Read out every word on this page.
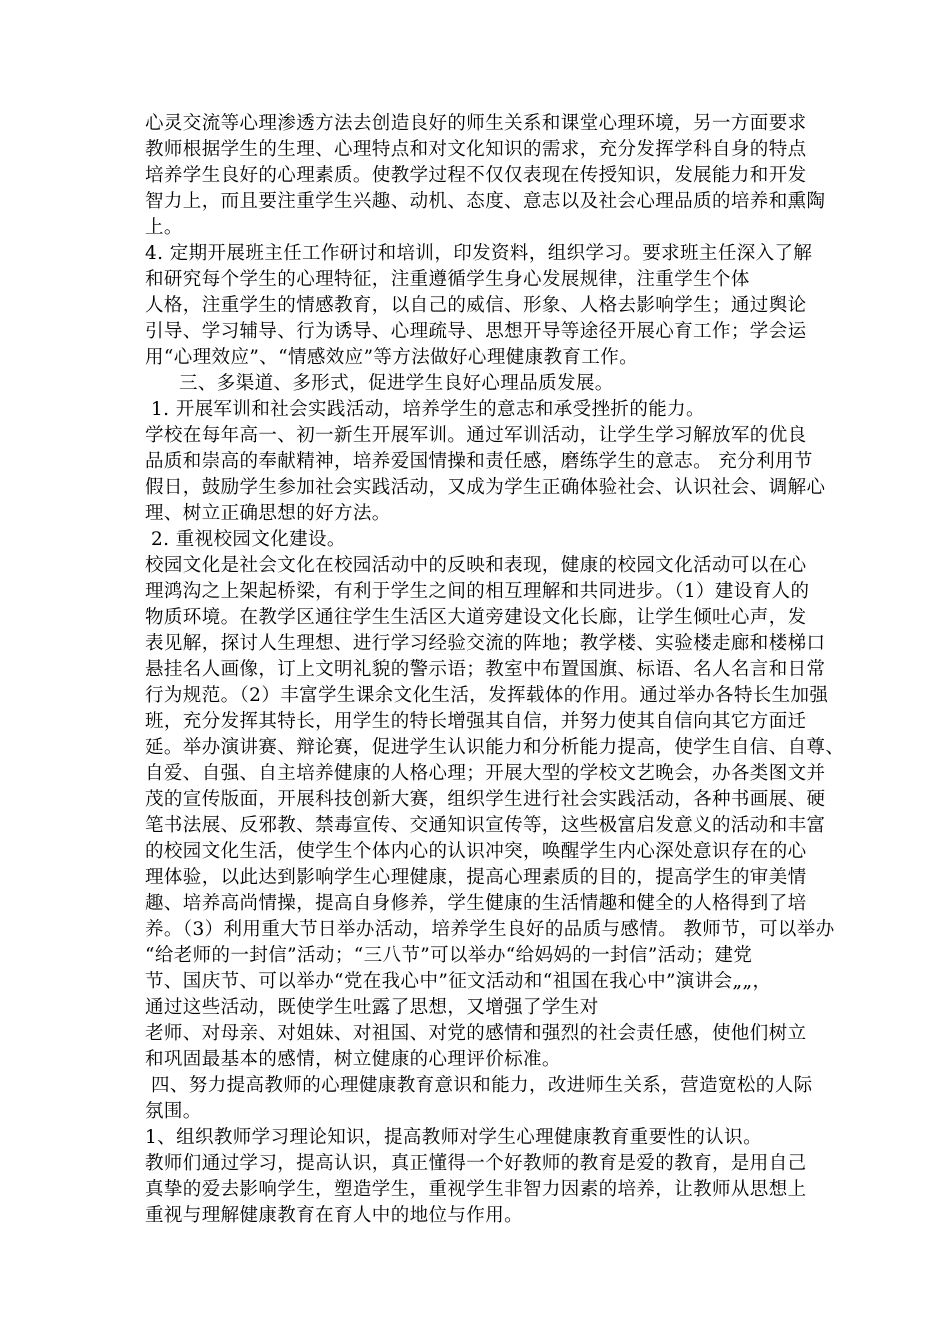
心灵交流等心理渗透方法去创造良好的师生关系和课堂心理环境，另一方面要求
教师根据学生的生理、心理特点和对文化知识的需求，充分发挥学科自身的特点
培养学生良好的心理素质。使教学过程不仅仅表现在传授知识，发展能力和开发
智力上，而且要注重学生兴趣、动机、态度、意志以及社会心理品质的培养和熏陶
上。
4. 定期开展班主任工作研讨和培训，印发资料，组织学习。要求班主任深入了解
和研究每个学生的心理特征，注重遵循学生身心发展规律，注重学生个体
人格，注重学生的情感教育，以自己的威信、形象、人格去影响学生；通过舆论
引导、学习辅导、行为诱导、心理疏导、思想开导等途径开展心育工作；学会运
用“心理效应”、“情感效应”等方法做好心理健康教育工作。
三、多渠道、多形式，促进学生良好心理品质发展。
1. 开展军训和社会实践活动，培养学生的意志和承受挫折的能力。
学校在每年高一、初一新生开展军训。通过军训活动，让学生学习解放军的优良
品质和崇高的奉献精神，培养爱国情操和责任感，磨练学生的意志。 充分利用节
假日，鼓励学生参加社会实践活动，又成为学生正确体验社会、认识社会、调解心
理、树立正确思想的好方法。
2. 重视校园文化建设。
校园文化是社会文化在校园活动中的反映和表现，健康的校园文化活动可以在心
理鸿沟之上架起桥梁，有利于学生之间的相互理解和共同进步。（1）建设育人的
物质环境。在教学区通往学生生活区大道旁建设文化长廊，让学生倾吐心声，发
表见解，探讨人生理想、进行学习经验交流的阵地；教学楼、实验楼走廊和楼梯口
悬挂名人画像，订上文明礼貌的警示语；教室中布置国旗、标语、名人名言和日常
行为规范。（2）丰富学生课余文化生活，发挥载体的作用。通过举办各特长生加强
班，充分发挥其特长，用学生的特长增强其自信，并努力使其自信向其它方面迁
延。举办演讲赛、辩论赛，促进学生认识能力和分析能力提高，使学生自信、自尊、
自爱、自强、自主培养健康的人格心理；开展大型的学校文艺晚会，办各类图文并
茂的宣传版面，开展科技创新大赛，组织学生进行社会实践活动，各种书画展、硬
笔书法展、反邪教、禁毒宣传、交通知识宣传等，这些极富启发意义的活动和丰富
的校园文化生活，使学生个体内心的认识冲突，唤醒学生内心深处意识存在的心
理体验，以此达到影响学生心理健康，提高心理素质的目的，提高学生的审美情
趣、培养高尚情操，提高自身修养，学生健康的生活情趣和健全的人格得到了培
养。（3）利用重大节日举办活动，培养学生良好的品质与感情。 教师节，可以举办
“给老师的一封信”活动；“三八节”可以举办“给妈妈的一封信”活动；建党
节、国庆节、可以举办“党在我心中”征文活动和“祖国在我心中”演讲会„„，
通过这些活动，既使学生吐露了思想，又增强了学生对
老师、对母亲、对姐妹、对祖国、对党的感情和强烈的社会责任感，使他们树立
和巩固最基本的感情，树立健康的心理评价标准。
四、努力提高教师的心理健康教育意识和能力，改进师生关系，营造宽松的人际
氛围。
1、组织教师学习理论知识，提高教师对学生心理健康教育重要性的认识。
教师们通过学习，提高认识，真正懂得一个好教师的教育是爱的教育，是用自己
真挚的爱去影响学生，塑造学生，重视学生非智力因素的培养，让教师从思想上
重视与理解健康教育在育人中的地位与作用。
